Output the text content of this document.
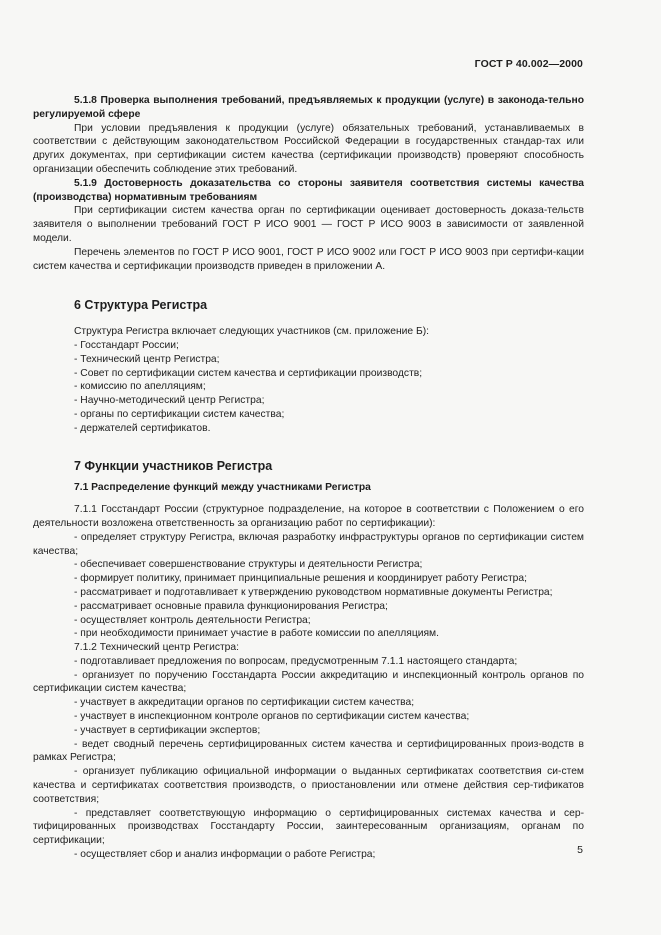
ГОСТ Р 40.002—2000

5.1.8 Проверка выполнения требований, предъявляемых к продукции (услуге) в законода-тельно регулируемой сфере

При условии предъявления к продукции (услуге) обязательных требований, устанавливаемых в соответствии с действующим законодательством Российской Федерации в государственных стандар-тах или других документах, при сертификации систем качества (сертификации производств) проверяют способность организации обеспечить соблюдение этих требований.

5.1.9 Достоверность доказательства со стороны заявителя соответствия системы качества (производства) нормативным требованиям

При сертификации систем качества орган по сертификации оценивает достоверность доказа-тельств заявителя о выполнении требований ГОСТ Р ИСО 9001 — ГОСТ Р ИСО 9003 в зависимости от заявленной модели.

Перечень элементов по ГОСТ Р ИСО 9001, ГОСТ Р ИСО 9002 или ГОСТ Р ИСО 9003 при сертифи-кации систем качества и сертификации производств приведен в приложении А.

6 Структура Регистра

Структура Регистра включает следующих участников (см. приложение Б):

- Госстандарт России;

- Технический центр Регистра;

- Совет по сертификации систем качества и сертификации производств;

- комиссию по апелляциям;

- Научно-методический центр Регистра;

- органы по сертификации систем качества;

- держателей сертификатов.

7 Функции участников Регистра

7.1 Распределение функций между участниками Регистра

7.1.1 Госстандарт России (структурное подразделение, на которое в соответствии с Положением о его деятельности возложена ответственность за организацию работ по сертификации):

- определяет структуру Регистра, включая разработку инфраструктуры органов по сертификации систем качества;

- обеспечивает совершенствование структуры и деятельности Регистра;

- формирует политику, принимает принципиальные решения и координирует работу Регистра;

- рассматривает и подготавливает к утверждению руководством нормативные документы Регистра;

- рассматривает основные правила функционирования Регистра;

- осуществляет контроль деятельности Регистра;

- при необходимости принимает участие в работе комиссии по апелляциям.

7.1.2 Технический центр Регистра:

- подготавливает предложения по вопросам, предусмотренным 7.1.1 настоящего стандарта;

- организует по поручению Госстандарта России аккредитацию и инспекционный контроль органов по сертификации систем качества;

- участвует в аккредитации органов по сертификации систем качества;

- участвует в инспекционном контроле органов по сертификации систем качества;

- участвует в сертификации экспертов;

- ведет сводный перечень сертифицированных систем качества и сертифицированных произ-водств в рамках Регистра;

- организует публикацию официальной информации о выданных сертификатах соответствия си-стем качества и сертификатах соответствия производств, о приостановлении или отмене действия сер-тификатов соответствия;

- представляет соответствующую информацию о сертифицированных системах качества и сер-тифицированных производствах Госстандарту России, заинтересованным организациям, органам по сертификации;

- осуществляет сбор и анализ информации о работе Регистра;	5
